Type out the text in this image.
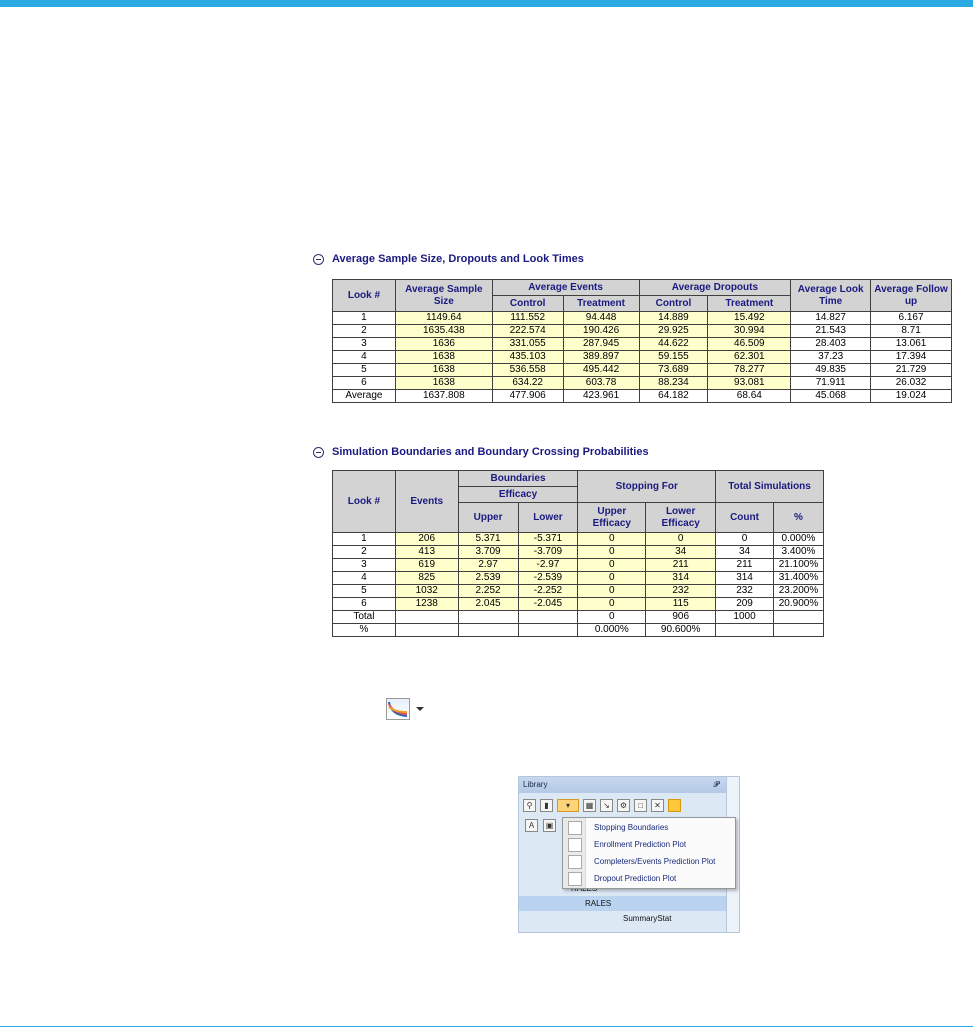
Average Sample Size, Dropouts and Look Times
Look #	Average Sample Size	Average Events		Average Dropouts		Average Look Time	Average Follow up
		Control	Treatment	Control	Treatment		
1	1149.64	111.552	94.448	14.889	15.492	14.827	6.167
2	1635.438	222.574	190.426	29.925	30.994	21.543	8.71
3	1636	331.055	287.945	44.622	46.509	28.403	13.061
4	1638	435.103	389.897	59.155	62.301	37.23	17.394
5	1638	536.558	495.442	73.689	78.277	49.835	21.729
6	1638	634.22	603.78	88.234	93.081	71.911	26.032
Average	1637.808	477.906	423.961	64.182	68.64	45.068	19.024
Simulation Boundaries and Boundary Crossing Probabilities
Look #	Events	Boundaries		Stopping For		Total Simulations	
		Efficacy					
		Upper	Lower	Upper Efficacy	Lower Efficacy	Count	%
1	206	5.371	-5.371	0	0	0	0.000%
2	413	3.709	-3.709	0	34	34	3.400%
3	619	2.97	-2.97	0	211	211	21.100%
4	825	2.539	-2.539	0	314	314	31.400%
5	1032	2.252	-2.252	0	232	232	23.200%
6	1238	2.045	-2.045	0	115	209	20.900%
Total				0	906	1000	
%				0.000%	90.600%		
Library	𝓟
⚲	▮	▾	▦	↘	⚙	□	✕
A	▣
RALES
SummaryStat
Stopping Boundaries
Enrollment Prediction Plot
Completers/Events Prediction Plot
Dropout Prediction Plot
